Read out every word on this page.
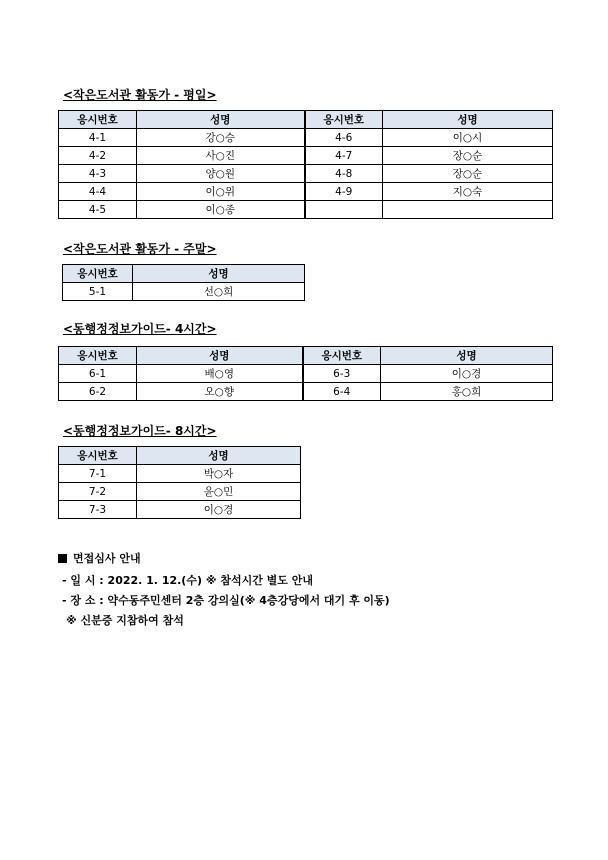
<작은도서관 활동가 - 평일>
응시번호	성명	응시번호	성명
4-1	강○승	4-6	이○시
4-2	사○진	4-7	장○순
4-3	양○원	4-8	장○순
4-4	이○위	4-9	지○숙
4-5	이○종		
<작은도서관 활동가 - 주말>
응시번호	성명
5-1	선○희
<동행정정보가이드- 4시간>
응시번호	성명	응시번호	성명
6-1	배○영	6-3	이○경
6-2	오○향	6-4	홍○희
<동행정정보가이드- 8시간>
응시번호	성명
7-1	박○자
7-2	윤○민
7-3	이○경
면접심사 안내
- 일 시 : 2022. 1. 12.(수) ※ 참석시간 별도 안내
- 장 소 : 약수동주민센터 2층 강의실(※ 4층강당에서 대기 후 이동)
※ 신분증 지참하여 참석
